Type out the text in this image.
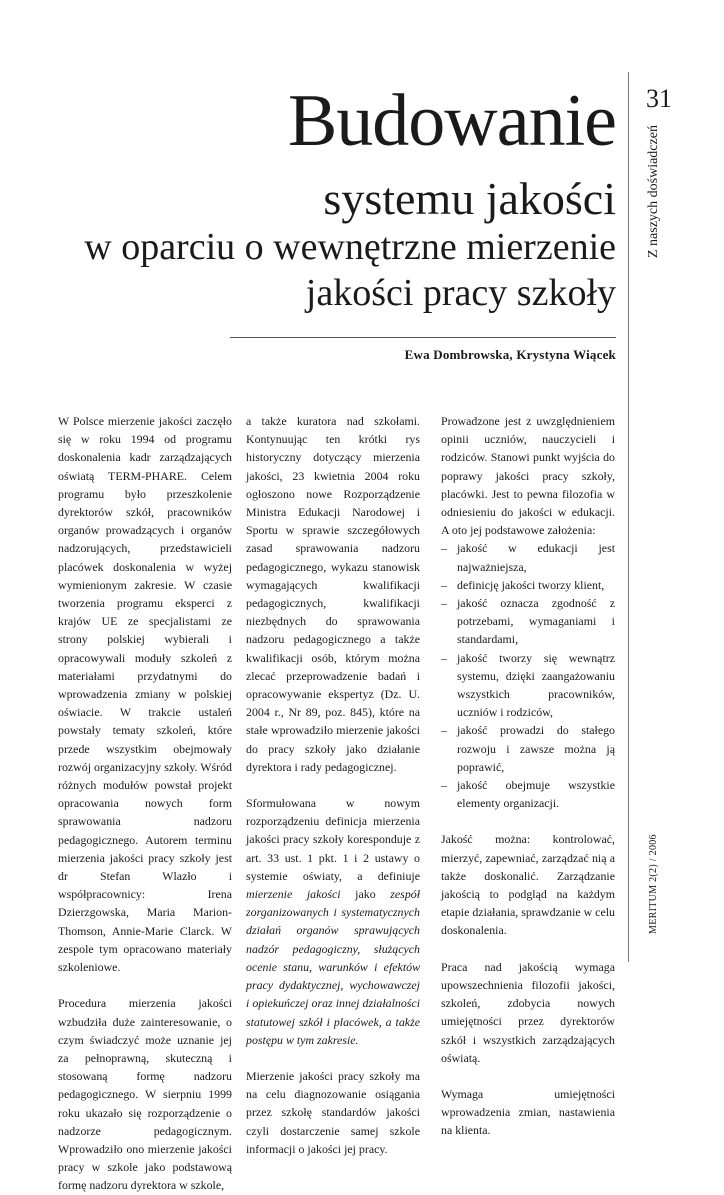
Budowanie
systemu jakości
w oparciu o wewnętrzne mierzenie
jakości pracy szkoły
Ewa Dombrowska, Krystyna Wiącek
31
Z naszych doświadczeń
MERITUM 2(2) / 2006

W Polsce mierzenie jakości zaczęło się w roku 1994 od programu doskonalenia kadr zarządzających oświatą TERM-PHARE. Celem programu było przeszkolenie dyrektorów szkół, pracowników organów prowadzących i organów nadzorujących, przedstawicieli placówek doskonalenia w wyżej wymienionym zakresie. W czasie tworzenia programu eksperci z krajów UE ze specjalistami ze strony polskiej wybierali i opracowywali moduły szkoleń z materiałami przydatnymi do wprowadzenia zmiany w polskiej oświacie. W trakcie ustaleń powstały tematy szkoleń, które przede wszystkim obejmowały rozwój organizacyjny szkoły. Wśród różnych modułów powstał projekt opracowania nowych form sprawowania nadzoru pedagogicznego. Autorem terminu mierzenia jakości pracy szkoły jest dr Stefan Wlazło i współpracownicy: Irena Dzierzgowska, Maria Marion-Thomson, Annie-Marie Clarck. W zespole tym opracowano materiały szkoleniowe.

Procedura mierzenia jakości wzbudziła duże zainteresowanie, o czym świadczyć może uznanie jej za pełnoprawną, skuteczną i stosowaną formę nadzoru pedagogicznego. W sierpniu 1999 roku ukazało się rozporządzenie o nadzorze pedagogicznym. Wprowadziło ono mierzenie jakości pracy w szkole jako podstawową formę nadzoru dyrektora w szkole,

a także kuratora nad szkołami. Kontynuując ten krótki rys historyczny dotyczący mierzenia jakości, 23 kwietnia 2004 roku ogłoszono nowe Rozporządzenie Ministra Edukacji Narodowej i Sportu w sprawie szczegółowych zasad sprawowania nadzoru pedagogicznego, wykazu stanowisk wymagających kwalifikacji pedagogicznych, kwalifikacji niezbędnych do sprawowania nadzoru pedagogicznego a także kwalifikacji osób, którym można zlecać przeprowadzenie badań i opracowywanie ekspertyz (Dz. U. 2004 r., Nr 89, poz. 845), które na stałe wprowadziło mierzenie jakości do pracy szkoły jako działanie dyrektora i rady pedagogicznej.

Sformułowana w nowym rozporządzeniu definicja mierzenia jakości pracy szkoły koresponduje z art. 33 ust. 1 pkt. 1 i 2 ustawy o systemie oświaty, a definiuje mierzenie jakości jako zespół zorganizowanych i systematycznych działań organów sprawujących nadzór pedagogiczny, służących ocenie stanu, warunków i efektów pracy dydaktycznej, wychowawczej i opiekuńczej oraz innej działalności statutowej szkół i placówek, a także postępu w tym zakresie.

Mierzenie jakości pracy szkoły ma na celu diagnozowanie osiągania przez szkołę standardów jakości czyli dostarczenie samej szkole informacji o jakości jej pracy.

Prowadzone jest z uwzględnieniem opinii uczniów, nauczycieli i rodziców. Stanowi punkt wyjścia do poprawy jakości pracy szkoły, placówki. Jest to pewna filozofia w odniesieniu do jakości w edukacji. A oto jej podstawowe założenia:

– jakość w edukacji jest najważniejsza,
– definicję jakości tworzy klient,
– jakość oznacza zgodność z potrzebami, wymaganiami i standardami,
– jakość tworzy się wewnątrz systemu, dzięki zaangażowaniu wszystkich pracowników, uczniów i rodziców,
– jakość prowadzi do stałego rozwoju i zawsze można ją poprawić,
– jakość obejmuje wszystkie elementy organizacji.

Jakość można: kontrolować, mierzyć, zapewniać, zarządzać nią a także doskonalić. Zarządzanie jakością to podgląd na każdym etapie działania, sprawdzanie w celu doskonalenia.

Praca nad jakością wymaga upowszechnienia filozofii jakości, szkoleń, zdobycia nowych umiejętności przez dyrektorów szkół i wszystkich zarządzających oświatą.

Wymaga umiejętności wprowadzenia zmian, nastawienia na klienta.
